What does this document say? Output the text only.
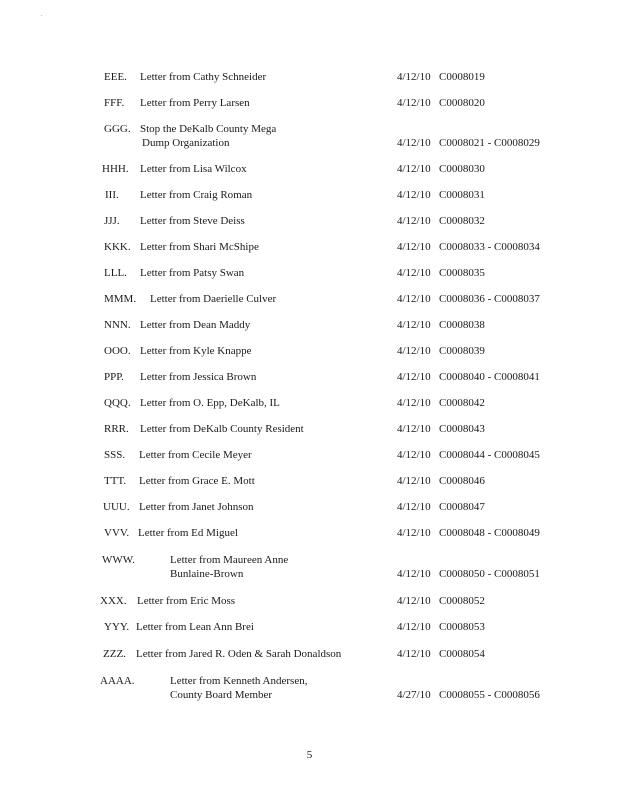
.
EEE. Letter from Cathy Schneider	4/12/10 C0008019
FFF. Letter from Perry Larsen	4/12/10 C0008020
GGG. Stop the DeKalb County Mega
Dump Organization	4/12/10 C0008021 - C0008029
HHH. Letter from Lisa Wilcox	4/12/10 C0008030
III. Letter from Craig Roman	4/12/10 C0008031
JJJ. Letter from Steve Deiss	4/12/10 C0008032
KKK. Letter from Shari McShipe	4/12/10 C0008033 - C0008034
LLL. Letter from Patsy Swan	4/12/10 C0008035
MMM. Letter from Daerielle Culver	4/12/10 C0008036 - C0008037
NNN. Letter from Dean Maddy	4/12/10 C0008038
OOO. Letter from Kyle Knappe	4/12/10 C0008039
PPP. Letter from Jessica Brown	4/12/10 C0008040 - C0008041
QQQ. Letter from O. Epp, DeKalb, IL	4/12/10 C0008042
RRR. Letter from DeKalb County Resident	4/12/10 C0008043
SSS. Letter from Cecile Meyer	4/12/10 C0008044 - C0008045
TTT. Letter from Grace E. Mott	4/12/10 C0008046
UUU. Letter from Janet Johnson	4/12/10 C0008047
VVV. Letter from Ed Miguel	4/12/10 C0008048 - C0008049
WWW.	Letter from Maureen Anne
Bunlaine-Brown	4/12/10 C0008050 - C0008051
XXX. Letter from Eric Moss	4/12/10 C0008052
YYY. Letter from Lean Ann Brei	4/12/10 C0008053
ZZZ. Letter from Jared R. Oden & Sarah Donaldson	4/12/10 C0008054
AAAA.	Letter from Kenneth Andersen,
County Board Member	4/27/10 C0008055 - C0008056
5
